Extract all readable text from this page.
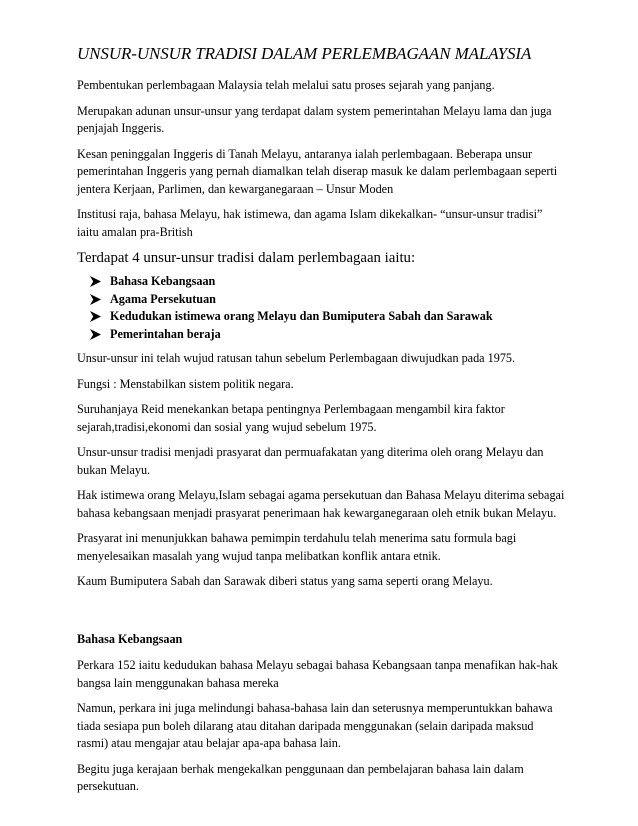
UNSUR-UNSUR TRADISI DALAM PERLEMBAGAAN MALAYSIA

Pembentukan perlembagaan Malaysia telah melalui satu proses sejarah yang panjang.

Merupakan adunan unsur-unsur yang terdapat dalam system pemerintahan Melayu lama dan juga penjajah Inggeris.

Kesan peninggalan Inggeris di Tanah Melayu, antaranya ialah perlembagaan. Beberapa unsur pemerintahan Inggeris yang pernah diamalkan telah diserap masuk ke dalam perlembagaan seperti jentera Kerjaan, Parlimen, dan kewarganegaraan – Unsur Moden

Institusi raja, bahasa Melayu, hak istimewa, dan agama Islam dikekalkan- “unsur-unsur tradisi” iaitu amalan pra-British

Terdapat 4 unsur-unsur tradisi dalam perlembagaan iaitu:

Bahasa Kebangsaan
Agama Persekutuan
Kedudukan istimewa orang Melayu dan Bumiputera Sabah dan Sarawak
Pemerintahan beraja

Unsur-unsur ini telah wujud ratusan tahun sebelum Perlembagaan diwujudkan pada 1975.

Fungsi : Menstabilkan sistem politik negara.

Suruhanjaya Reid menekankan betapa pentingnya Perlembagaan mengambil kira faktor sejarah,tradisi,ekonomi dan sosial yang wujud sebelum 1975.

Unsur-unsur tradisi menjadi prasyarat dan permuafakatan yang diterima oleh orang Melayu dan bukan Melayu.

Hak istimewa orang Melayu,Islam sebagai agama persekutuan dan Bahasa Melayu diterima sebagai bahasa kebangsaan menjadi prasyarat penerimaan hak kewarganegaraan oleh etnik bukan Melayu.

Prasyarat ini menunjukkan bahawa pemimpin terdahulu telah menerima satu formula bagi menyelesaikan masalah yang wujud tanpa melibatkan konflik antara etnik.

Kaum Bumiputera Sabah dan Sarawak diberi status yang sama seperti orang Melayu.

Bahasa Kebangsaan

Perkara 152 iaitu kedudukan bahasa Melayu sebagai bahasa Kebangsaan tanpa menafikan hak-hak bangsa lain menggunakan bahasa mereka

Namun, perkara ini juga melindungi bahasa-bahasa lain dan seterusnya memperuntukkan bahawa tiada sesiapa pun boleh dilarang atau ditahan daripada menggunakan (selain daripada maksud rasmi) atau mengajar atau belajar apa-apa bahasa lain.

Begitu juga kerajaan berhak mengekalkan penggunaan dan pembelajaran bahasa lain dalam persekutuan.
